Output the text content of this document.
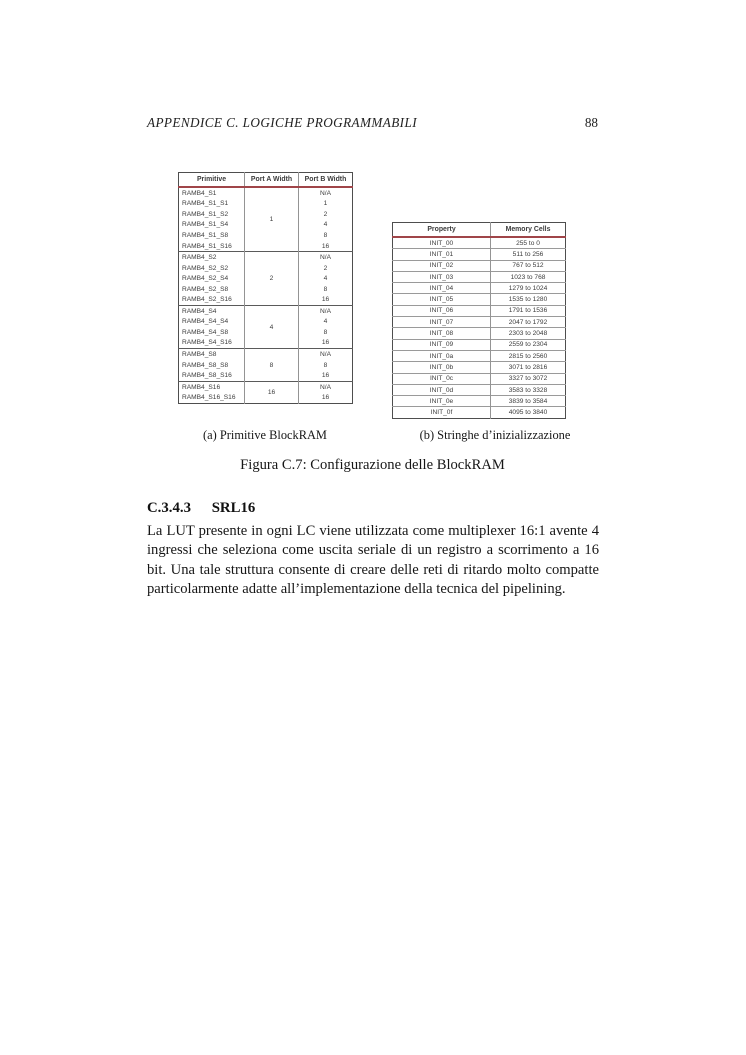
APPENDICE C. LOGICHE PROGRAMMABILI	88
Primitive	Port A Width	Port B Width
RAMB4_S1	1	N/A
RAMB4_S1_S1		1
RAMB4_S1_S2		2
RAMB4_S1_S4		4
RAMB4_S1_S8		8
RAMB4_S1_S16		16
RAMB4_S2	2	N/A
RAMB4_S2_S2		2
RAMB4_S2_S4		4
RAMB4_S2_S8		8
RAMB4_S2_S16		16
RAMB4_S4	4	N/A
RAMB4_S4_S4		4
RAMB4_S4_S8		8
RAMB4_S4_S16		16
RAMB4_S8	8	N/A
RAMB4_S8_S8		8
RAMB4_S8_S16		16
RAMB4_S16	16	N/A
RAMB4_S16_S16		16
Property	Memory Cells
INIT_00	255 to 0
INIT_01	511 to 256
INIT_02	767 to 512
INIT_03	1023 to 768
INIT_04	1279 to 1024
INIT_05	1535 to 1280
INIT_06	1791 to 1536
INIT_07	2047 to 1792
INIT_08	2303 to 2048
INIT_09	2559 to 2304
INIT_0a	2815 to 2560
INIT_0b	3071 to 2816
INIT_0c	3327 to 3072
INIT_0d	3583 to 3328
INIT_0e	3839 to 3584
INIT_0f	4095 to 3840
(a) Primitive BlockRAM	(b) Stringhe d’inizializzazione
Figura C.7: Configurazione delle BlockRAM
C.3.4.3 SRL16
La LUT presente in ogni LC viene utilizzata come multiplexer 16:1 avente 4 ingressi che seleziona come uscita seriale di un registro a scorrimento a 16 bit. Una tale struttura consente di creare delle reti di ritardo molto compatte particolarmente adatte all’implementazione della tecnica del pipelining.
